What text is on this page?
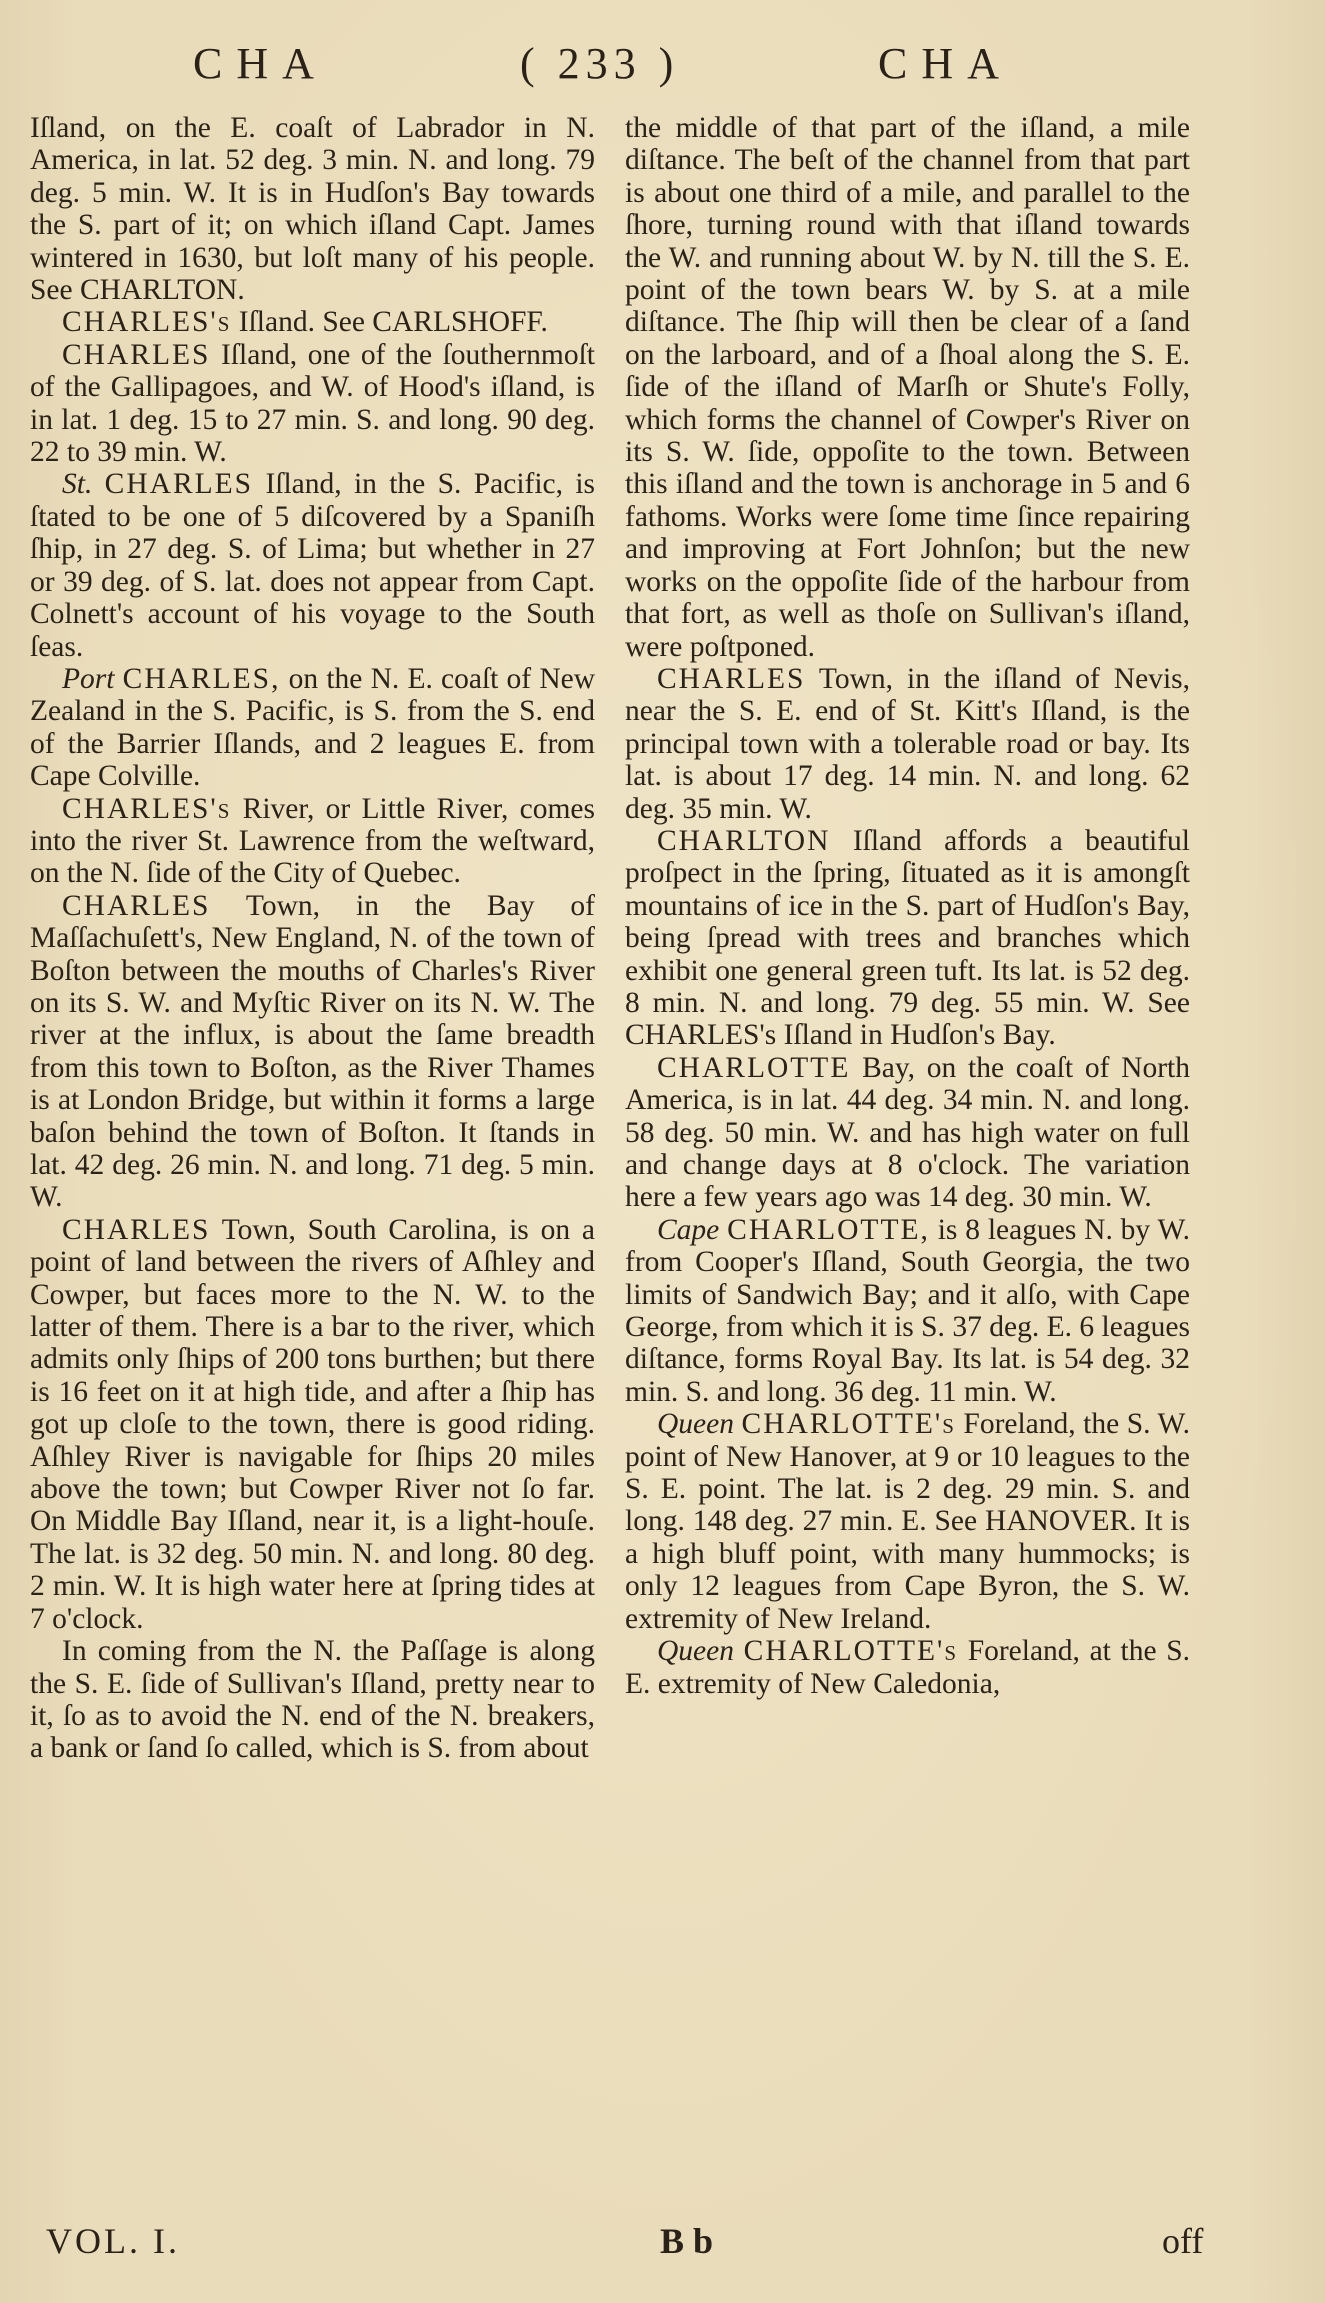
CHA	( 233 )	CHA

Iſland, on the E. coaſt of Labrador in N. America, in lat. 52 deg. 3 min. N. and long. 79 deg. 5 min. W. It is in Hudſon's Bay towards the S. part of it; on which iſland Capt. James wintered in 1630, but loſt many of his people. See CHARLTON.

CHARLES's Iſland. See CARLSHOFF.

CHARLES Iſland, one of the ſouthernmoſt of the Gallipagoes, and W. of Hood's iſland, is in lat. 1 deg. 15 to 27 min. S. and long. 90 deg. 22 to 39 min. W.

St. CHARLES Iſland, in the S. Pacific, is ſtated to be one of 5 diſcovered by a Spaniſh ſhip, in 27 deg. S. of Lima; but whether in 27 or 39 deg. of S. lat. does not appear from Capt. Colnett's account of his voyage to the South ſeas.

Port CHARLES, on the N. E. coaſt of New Zealand in the S. Pacific, is S. from the S. end of the Barrier Iſlands, and 2 leagues E. from Cape Colville.

CHARLES's River, or Little River, comes into the river St. Lawrence from the weſtward, on the N. ſide of the City of Quebec.

CHARLES Town, in the Bay of Maſſachuſett's, New England, N. of the town of Boſton between the mouths of Charles's River on its S. W. and Myſtic River on its N. W. The river at the influx, is about the ſame breadth from this town to Boſton, as the River Thames is at London Bridge, but within it forms a large baſon behind the town of Boſton. It ſtands in lat. 42 deg. 26 min. N. and long. 71 deg. 5 min. W.

CHARLES Town, South Carolina, is on a point of land between the rivers of Aſhley and Cowper, but faces more to the N. W. to the latter of them. There is a bar to the river, which admits only ſhips of 200 tons burthen; but there is 16 feet on it at high tide, and after a ſhip has got up cloſe to the town, there is good riding. Aſhley River is navigable for ſhips 20 miles above the town; but Cowper River not ſo far. On Middle Bay Iſland, near it, is a light-houſe. The lat. is 32 deg. 50 min. N. and long. 80 deg. 2 min. W. It is high water here at ſpring tides at 7 o'clock.

In coming from the N. the Paſſage is along the S. E. ſide of Sullivan's Iſland, pretty near to it, ſo as to avoid the N. end of the N. breakers, a bank or ſand ſo called, which is S. from about

the middle of that part of the iſland, a mile diſtance. The beſt of the channel from that part is about one third of a mile, and parallel to the ſhore, turning round with that iſland towards the W. and running about W. by N. till the S. E. point of the town bears W. by S. at a mile diſtance. The ſhip will then be clear of a ſand on the larboard, and of a ſhoal along the S. E. ſide of the iſland of Marſh or Shute's Folly, which forms the channel of Cowper's River on its S. W. ſide, oppoſite to the town. Between this iſland and the town is anchorage in 5 and 6 fathoms. Works were ſome time ſince repairing and improving at Fort Johnſon; but the new works on the oppoſite ſide of the harbour from that fort, as well as thoſe on Sullivan's iſland, were poſtponed.

CHARLES Town, in the iſland of Nevis, near the S. E. end of St. Kitt's Iſland, is the principal town with a tolerable road or bay. Its lat. is about 17 deg. 14 min. N. and long. 62 deg. 35 min. W.

CHARLTON Iſland affords a beautiful proſpect in the ſpring, ſituated as it is amongſt mountains of ice in the S. part of Hudſon's Bay, being ſpread with trees and branches which exhibit one general green tuft. Its lat. is 52 deg. 8 min. N. and long. 79 deg. 55 min. W. See CHARLES's Iſland in Hudſon's Bay.

CHARLOTTE Bay, on the coaſt of North America, is in lat. 44 deg. 34 min. N. and long. 58 deg. 50 min. W. and has high water on full and change days at 8 o'clock. The variation here a few years ago was 14 deg. 30 min. W.

Cape CHARLOTTE, is 8 leagues N. by W. from Cooper's Iſland, South Georgia, the two limits of Sandwich Bay; and it alſo, with Cape George, from which it is S. 37 deg. E. 6 leagues diſtance, forms Royal Bay. Its lat. is 54 deg. 32 min. S. and long. 36 deg. 11 min. W.

Queen CHARLOTTE's Foreland, the S. W. point of New Hanover, at 9 or 10 leagues to the S. E. point. The lat. is 2 deg. 29 min. S. and long. 148 deg. 27 min. E. See HANOVER. It is a high bluff point, with many hummocks; is only 12 leagues from Cape Byron, the S. W. extremity of New Ireland.

Queen CHARLOTTE's Foreland, at the S. E. extremity of New Caledonia,

VOL. I.	B b	off
